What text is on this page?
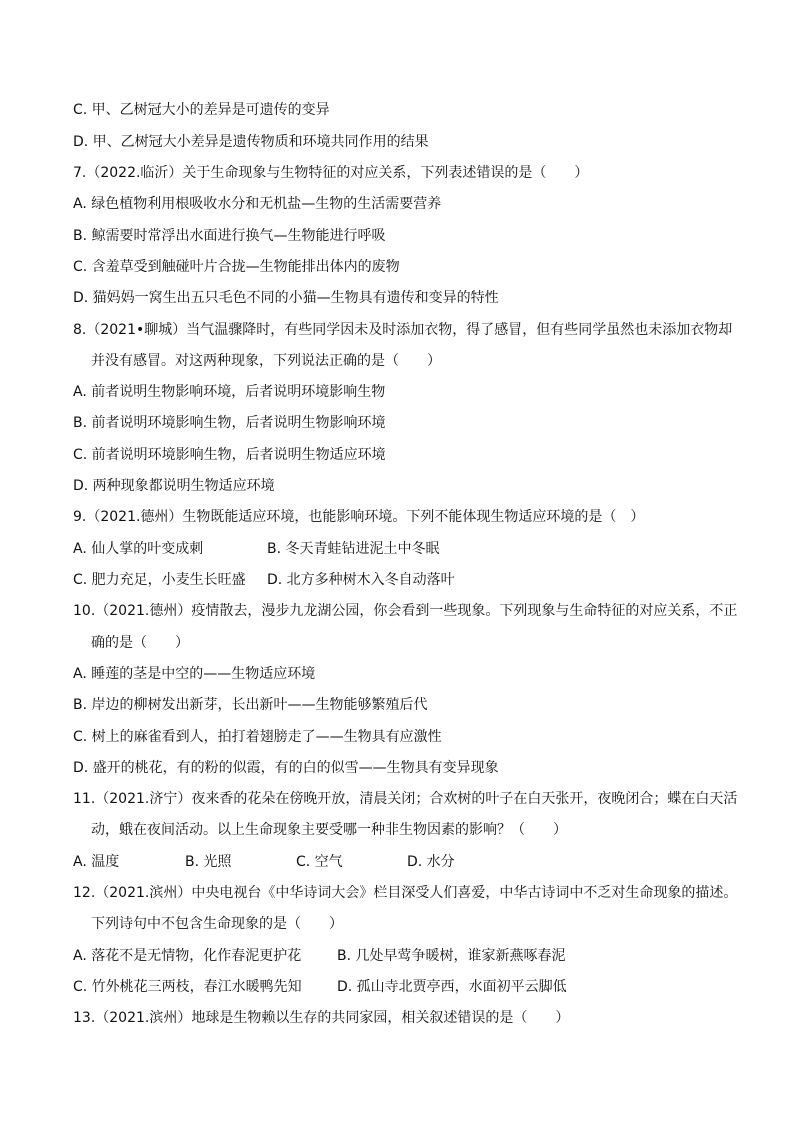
C. 甲、乙树冠大小的差异是可遗传的变异
D. 甲、乙树冠大小差异是遗传物质和环境共同作用的结果
7.（2022.临沂）关于生命现象与生物特征的对应关系，下列表述错误的是（　　）
A. 绿色植物利用根吸收水分和无机盐—生物的生活需要营养
B. 鲸需要时常浮出水面进行换气—生物能进行呼吸
C. 含羞草受到触碰叶片合拢—生物能排出体内的废物
D. 猫妈妈一窝生出五只毛色不同的小猫—生物具有遗传和变异的特性
8.（2021•聊城）当气温骤降时，有些同学因未及时添加衣物，得了感冒，但有些同学虽然也未添加衣物却
并没有感冒。对这两种现象，下列说法正确的是（　　）
A. 前者说明生物影响环境，后者说明环境影响生物
B. 前者说明环境影响生物，后者说明生物影响环境
C. 前者说明环境影响生物，后者说明生物适应环境
D. 两种现象都说明生物适应环境
9.（2021.德州）生物既能适应环境，也能影响环境。下列不能体现生物适应环境的是（　）
A. 仙人掌的叶变成刺	B. 冬天青蛙钻进泥土中冬眠
C. 肥力充足，小麦生长旺盛 D. 北方多种树木入冬自动落叶
10.（2021.德州）疫情散去，漫步九龙湖公园，你会看到一些现象。下列现象与生命特征的对应关系，不正
确的是（　　）
A. 睡莲的茎是中空的——生物适应环境
B. 岸边的柳树发出新芽，长出新叶——生物能够繁殖后代
C. 树上的麻雀看到人，拍打着翅膀走了——生物具有应激性
D. 盛开的桃花，有的粉的似霞，有的白的似雪——生物具有变异现象
11.（2021.济宁）夜来香的花朵在傍晚开放，清晨关闭；合欢树的叶子在白天张开，夜晚闭合；蝶在白天活
动，蛾在夜间活动。以上生命现象主要受哪一种非生物因素的影响？（　　）
A. 温度	B. 光照	C. 空气	D. 水分
12.（2021.滨州）中央电视台《中华诗词大会》栏目深受人们喜爱，中华古诗词中不乏对生命现象的描述。
下列诗句中不包含生命现象的是（　　）
A. 落花不是无情物，化作春泥更护花	B. 几处早莺争暖树，谁家新燕啄春泥
C. 竹外桃花三两枝，春江水暖鸭先知	D. 孤山寺北贾亭西，水面初平云脚低
13.（2021.滨州）地球是生物赖以生存的共同家园，相关叙述错误的是（　　）
